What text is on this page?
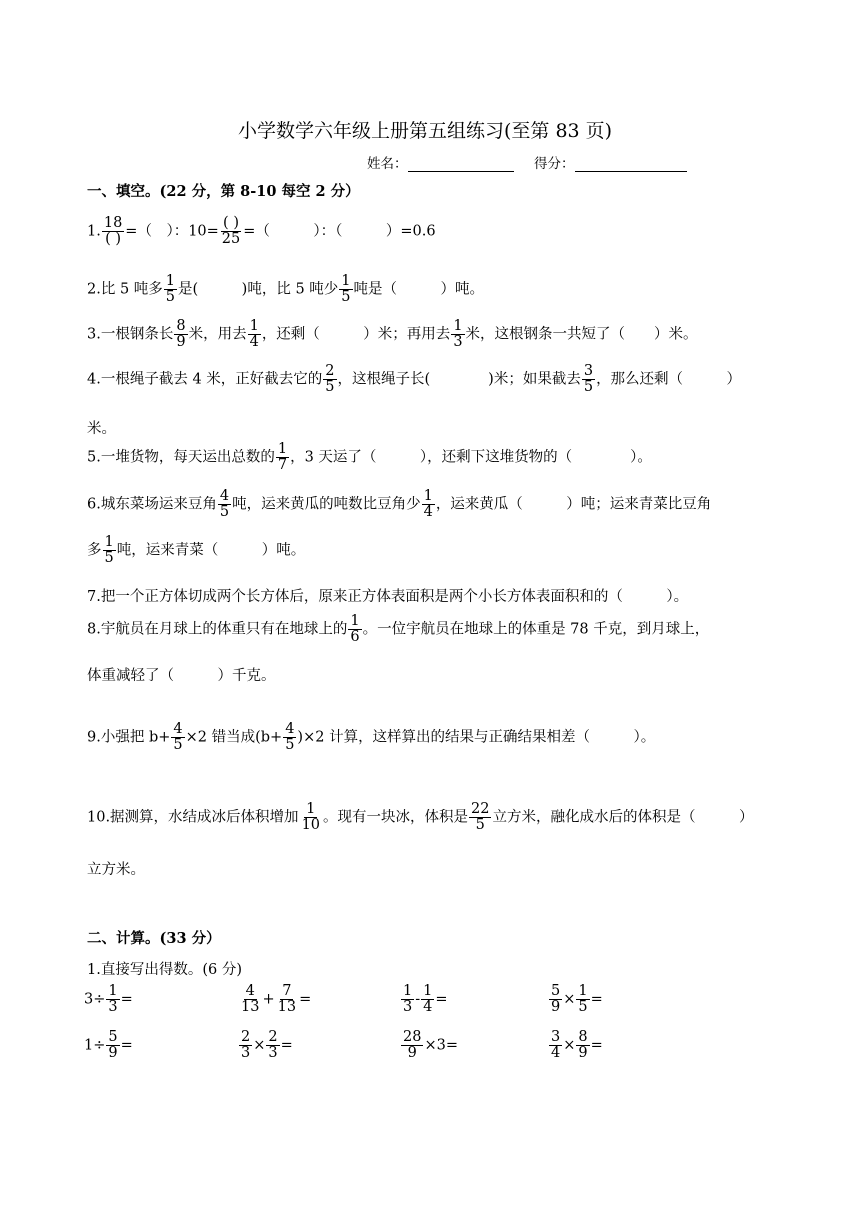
小学数学六年级上册第五组练习(至第 83 页)
姓名：	得分：
一、填空。(22 分，第 8-10 每空 2 分）
1. $\frac{18}{( )}$ =（　）：$10= \frac{( )}{25}$ =（　　　）：（　　　）=0.6
2.比 5 吨多 $\frac{1}{5}$ 是(　　　)吨，比 5 吨少 $\frac{1}{5}$ 吨是（　　　）吨。
3.一根钢条长 $\frac{8}{9}$ 米，用去 $\frac{1}{4}$ ，还剩（　　　）米；再用去 $\frac{1}{3}$ 米，这根钢条一共短了（　　）米。
4.一根绳子截去 4 米，正好截去它的 $\frac{2}{5}$ ，这根绳子长(　　　　)米；如果截去 $\frac{3}{5}$ ，那么还剩（　　　）
米。
5.一堆货物，每天运出总数的 $\frac{1}{7}$ ，3 天运了（　　　），还剩下这堆货物的（　　　　）。
6.城东菜场运来豆角 $\frac{4}{5}$ 吨，运来黄瓜的吨数比豆角少 $\frac{1}{4}$ ，运来黄瓜（　　　）吨；运来青菜比豆角
多 $\frac{1}{5}$ 吨，运来青菜（　　　）吨。
7.把一个正方体切成两个长方体后，原来正方体表面积是两个小长方体表面积和的（　　　）。
8.宇航员在月球上的体重只有在地球上的 $\frac{1}{6}$ 。一位宇航员在地球上的体重是 78 千克，到月球上，
体重减轻了（　　　）千克。
9.小强把 $b+ \frac{4}{5} \times 2$ 错当成$(b+ \frac{4}{5} )\times 2$ 计算，这样算出的结果与正确结果相差（　　　）。
10.据测算，水结成冰后体积增加 $\frac{1}{10}$ 。现有一块冰，体积是 $\frac{22}{5}$ 立方米，融化成水后的体积是（　　　）
立方米。
二、计算。(33 分）
1.直接写出得数。(6 分)
$3\div \frac{1}{3}$ =	$\frac{4}{13} + \frac{7}{13}$ =	$\frac{1}{3} - \frac{1}{4}$ =	$\frac{5}{9} \times \frac{1}{5}$ =
$1\div \frac{5}{9}$ =	$\frac{2}{3} \times \frac{2}{3}$ =	$\frac{28}{9} \times 3=$	$\frac{3}{4} \times \frac{8}{9}$ =
